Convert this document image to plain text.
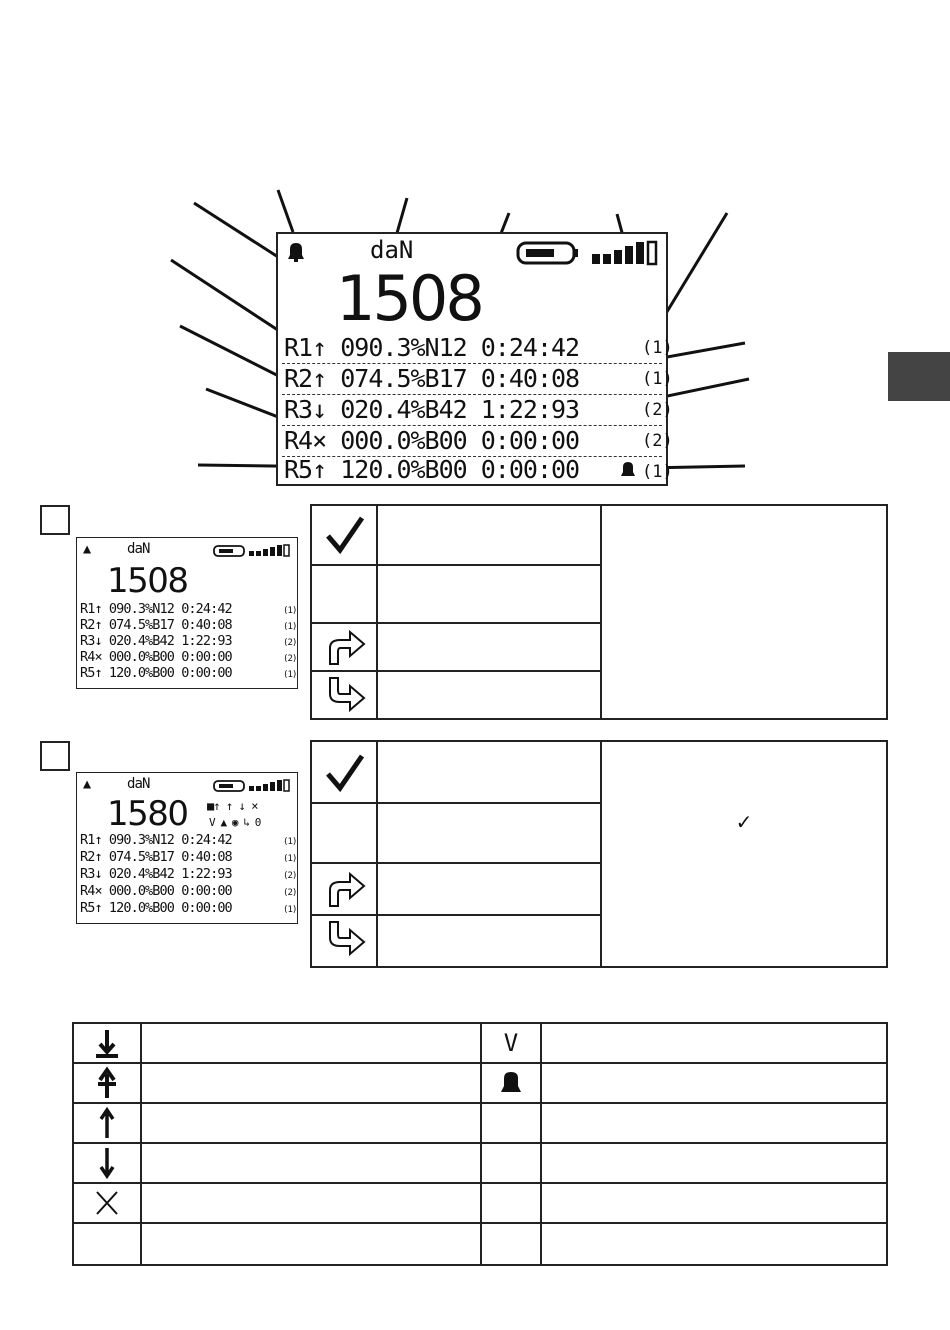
daN
1508
R1↑ 090.3%N12 0:24:42	(1)
R2↑ 074.5%B17 0:40:08	(1)
R3↓ 020.4%B42 1:22:93	(2)
R4× 000.0%B00 0:00:00	(2)
R5↑ 120.0%B00 0:00:00	(1)
▲	daN
1508
R1↑ 090.3%N12 0:24:42	(1)
R2↑ 074.5%B17 0:40:08	(1)
R3↓ 020.4%B42 1:22:93	(2)
R4× 000.0%B00 0:00:00	(2)
R5↑ 120.0%B00 0:00:00	(1)

▲	daN
1580 ■↑ ↑ ↓ ×
V ▲ ◉ ↳ 0
R1↑ 090.3%N12 0:24:42	(1)
R2↑ 074.5%B17 0:40:08	(1)
R3↓ 020.4%B42 1:22:93	(2)
R4× 000.0%B00 0:00:00	(2)
R5↑ 120.0%B00 0:00:00	(1)

✓

V	
